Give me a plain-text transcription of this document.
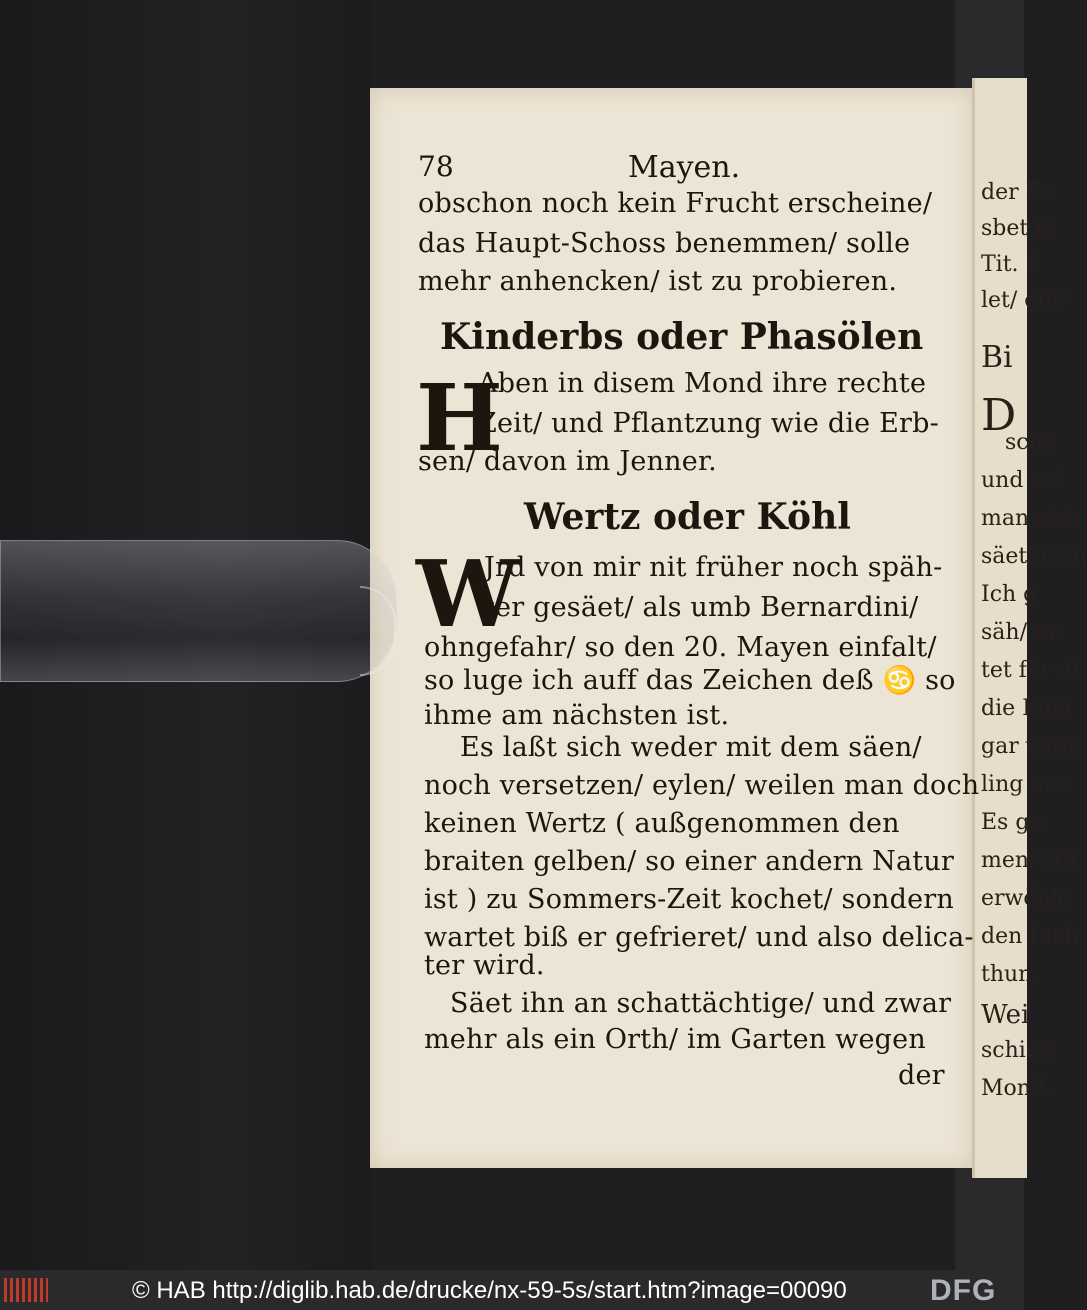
der Er
sbet vi
Tit. S
let/ obg
Bi
D
sche
und sei
man sich
säeten zu
Ich g
säh/ un
tet für di
die Köhl
gar verd
ling auc
Es ge
men/ stö
erwöhle
den tuch
thun.
Wei
schieß
Mond.
78	Mayen.
obschon noch kein Frucht erscheine/
das Haupt-Schoss benemmen/ solle
mehr anhencken/ ist zu probieren.
Kinderbs oder Phasölen
H
Aben in disem Mond ihre rechte
Zeit/ und Pflantzung wie die Erb-
sen/ davon im Jenner.
Wertz oder Köhl
W
Jrd von mir nit früher noch späh-
ter gesäet/ als umb Bernardini/
ohngefahr/ so den 20. Mayen einfalt/
so luge ich auff das Zeichen deß ♋ so
ihme am nächsten ist.
Es laßt sich weder mit dem säen/
noch versetzen/ eylen/ weilen man doch
keinen Wertz ( außgenommen den
braiten gelben/ so einer andern Natur
ist ) zu Sommers-Zeit kochet/ sondern
wartet biß er gefrieret/ und also delica-
ter wird.
Säet ihn an schattächtige/ und zwar
mehr als ein Orth/ im Garten wegen
der
© HAB http://diglib.hab.de/drucke/nx-59-5s/start.htm?image=00090	DFG
